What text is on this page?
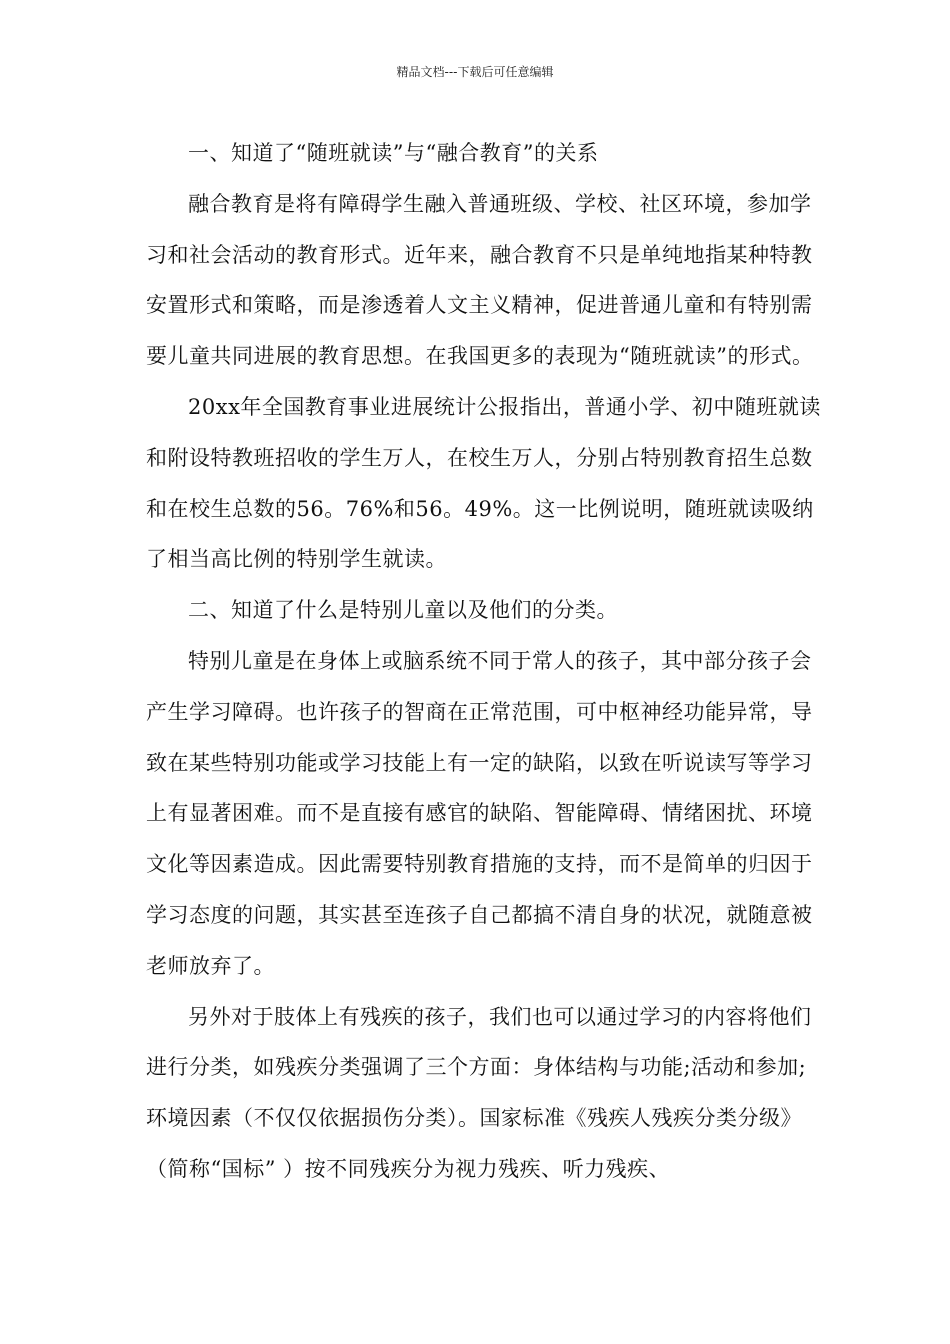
精品文档---下载后可任意编辑

一、知道了“随班就读”与“融合教育”的关系

融合教育是将有障碍学生融入普通班级、学校、社区环境，参加学习和社会活动的教育形式。近年来，融合教育不只是单纯地指某种特教安置形式和策略，而是渗透着人文主义精神，促进普通儿童和有特别需要儿童共同进展的教育思想。在我国更多的表现为“随班就读”的形式。

20xx年全国教育事业进展统计公报指出，普通小学、初中随班就读和附设特教班招收的学生万人，在校生万人，分别占特别教育招生总数和在校生总数的56。76%和56。49%。这一比例说明，随班就读吸纳了相当高比例的特别学生就读。

二、知道了什么是特别儿童以及他们的分类。

特别儿童是在身体上或脑系统不同于常人的孩子，其中部分孩子会产生学习障碍。也许孩子的智商在正常范围，可中枢神经功能异常，导致在某些特别功能或学习技能上有一定的缺陷，以致在听说读写等学习上有显著困难。而不是直接有感官的缺陷、智能障碍、情绪困扰、环境文化等因素造成。因此需要特别教育措施的支持，而不是简单的归因于学习态度的问题，其实甚至连孩子自己都搞不清自身的状况，就随意被老师放弃了。

另外对于肢体上有残疾的孩子，我们也可以通过学习的内容将他们进行分类，如残疾分类强调了三个方面：身体结构与功能;活动和参加;环境因素（不仅仅依据损伤分类）。国家标准《残疾人残疾分类分级》（简称“国标” ）按不同残疾分为视力残疾、听力残疾、
